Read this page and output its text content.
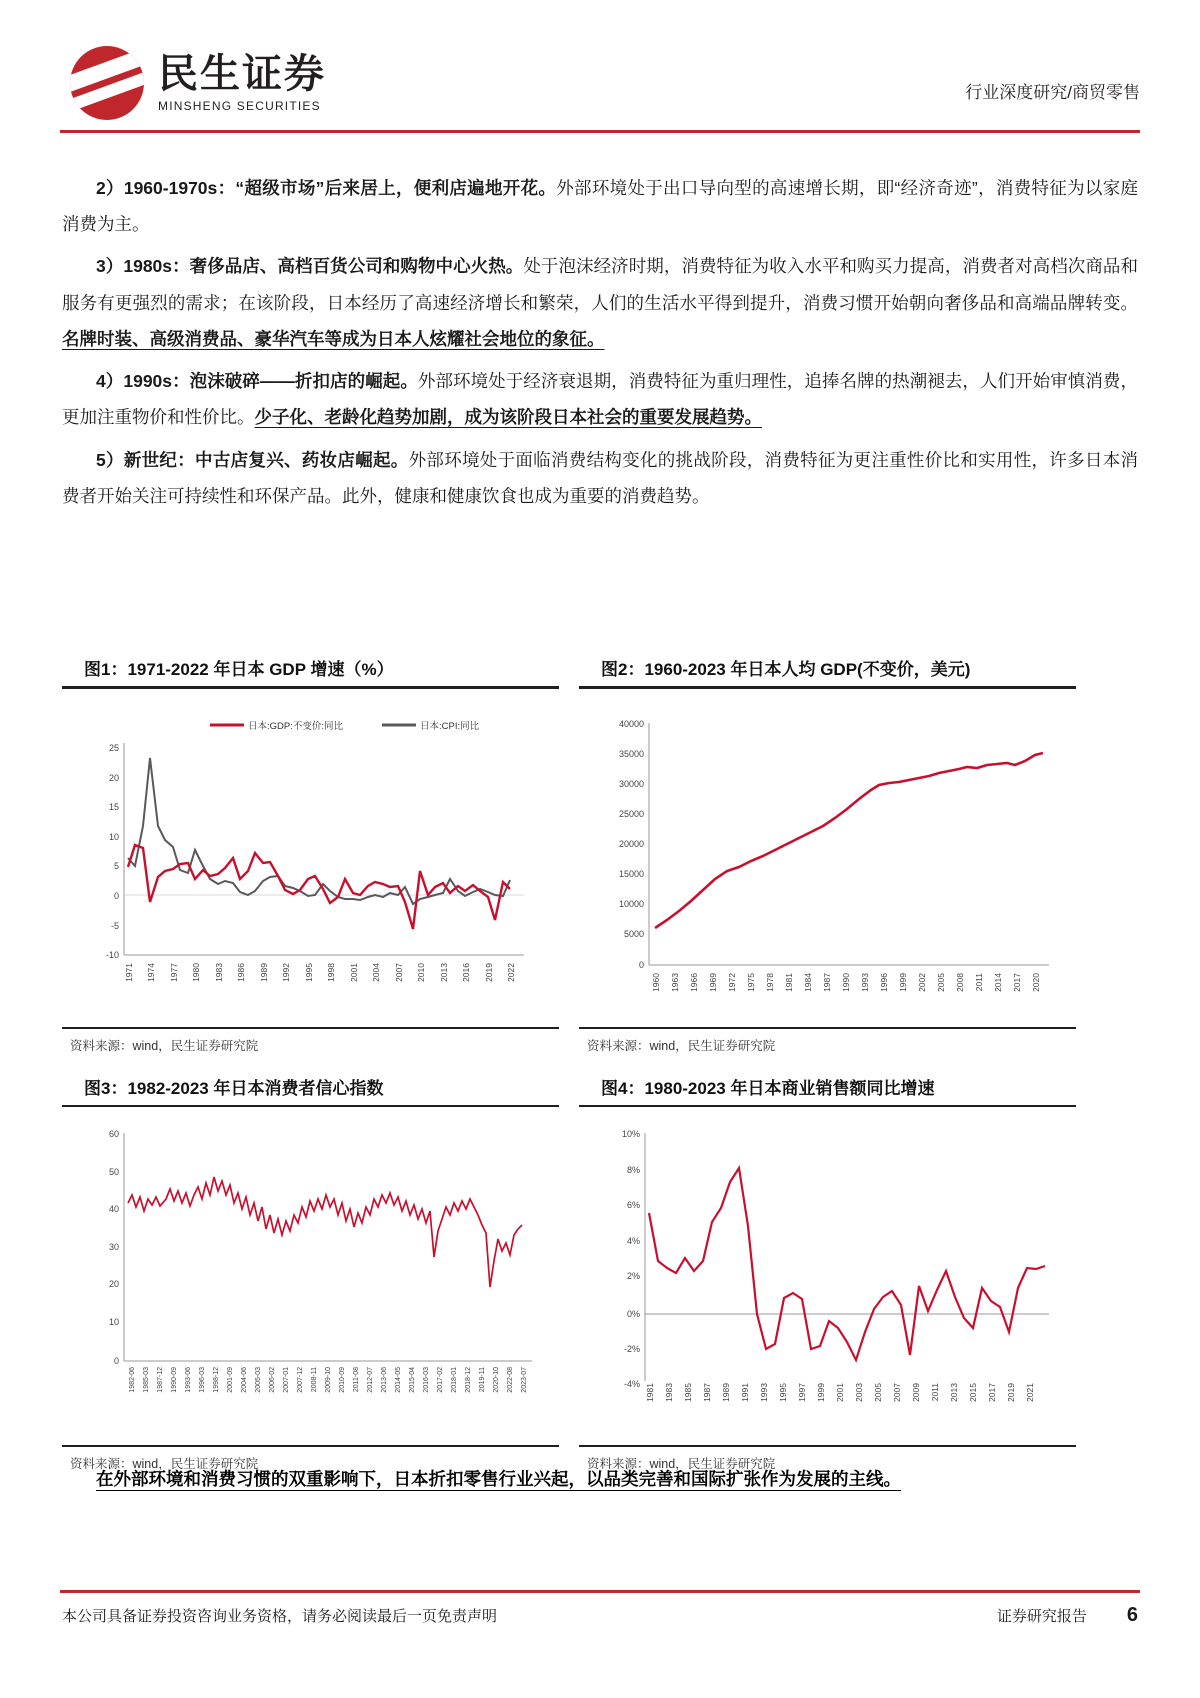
民生证券
MINSHENG SECURITIES
行业深度研究/商贸零售

2）1960-1970s：“超级市场”后来居上，便利店遍地开花。外部环境处于出口导向型的高速增长期，即“经济奇迹”，消费特征为以家庭消费为主。

3）1980s：奢侈品店、高档百货公司和购物中心火热。处于泡沫经济时期，消费特征为收入水平和购买力提高，消费者对高档次商品和服务有更强烈的需求；在该阶段，日本经历了高速经济增长和繁荣，人们的生活水平得到提升，消费习惯开始朝向奢侈品和高端品牌转变。名牌时装、高级消费品、豪华汽车等成为日本人炫耀社会地位的象征。

4）1990s：泡沫破碎——折扣店的崛起。外部环境处于经济衰退期，消费特征为重归理性，追捧名牌的热潮褪去，人们开始审慎消费，更加注重物价和性价比。少子化、老龄化趋势加剧，成为该阶段日本社会的重要发展趋势。

5）新世纪：中古店复兴、药妆店崛起。外部环境处于面临消费结构变化的挑战阶段，消费特征为更注重性价比和实用性，许多日本消费者开始关注可持续性和环保产品。此外，健康和健康饮食也成为重要的消费趋势。

图1：1971-2022 年日本 GDP 增速（%）
日本:GDP:不变价:同比	日本:CPI:同比
25
20
15
10
5
0
-5
-10
1971 1974 1977 1980 1983 1986 1989 1992 1995 1998 2001 2004 2007 2010 2013 2016 2019 2022
资料来源：wind，民生证券研究院
图2：1960-2023 年日本人均 GDP(不变价，美元)
40000
35000
30000
25000
20000
15000
10000
5000
0
1960 1963 1966 1969 1972 1975 1978 1981 1984 1987 1990 1993 1996 1999 2002 2005 2008 2011 2014 2017 2020
资料来源：wind，民生证券研究院
图3：1982-2023 年日本消费者信心指数
60
50
40
30
20
10
0
1982-06 1985-03 1987-12 1990-09 1993-06 1996-03 1998-12 2001-09 2004-06 2005-03 2006-02 2007-01 2007-12 2008-11 2009-10 2010-09 2011-08 2012-07 2013-06 2014-05 2015-04 2016-03 2017-02 2018-01 2018-12 2019-11 2020-10 2022-08 2023-07
资料来源：wind，民生证券研究院
图4：1980-2023 年日本商业销售额同比增速
10%
8%
6%
4%
2%
0%
-2%
-4% 1981 1983 1985 1987 1989 1991 1993 1995 1997 1999 2001 2003 2005 2007 2009 2011 2013 2015 2017 2019 2021
资料来源：wind，民生证券研究院
在外部环境和消费习惯的双重影响下，日本折扣零售行业兴起，以品类完善和国际扩张作为发展的主线。
本公司具备证券投资咨询业务资格，请务必阅读最后一页免责声明	证券研究报告 6
